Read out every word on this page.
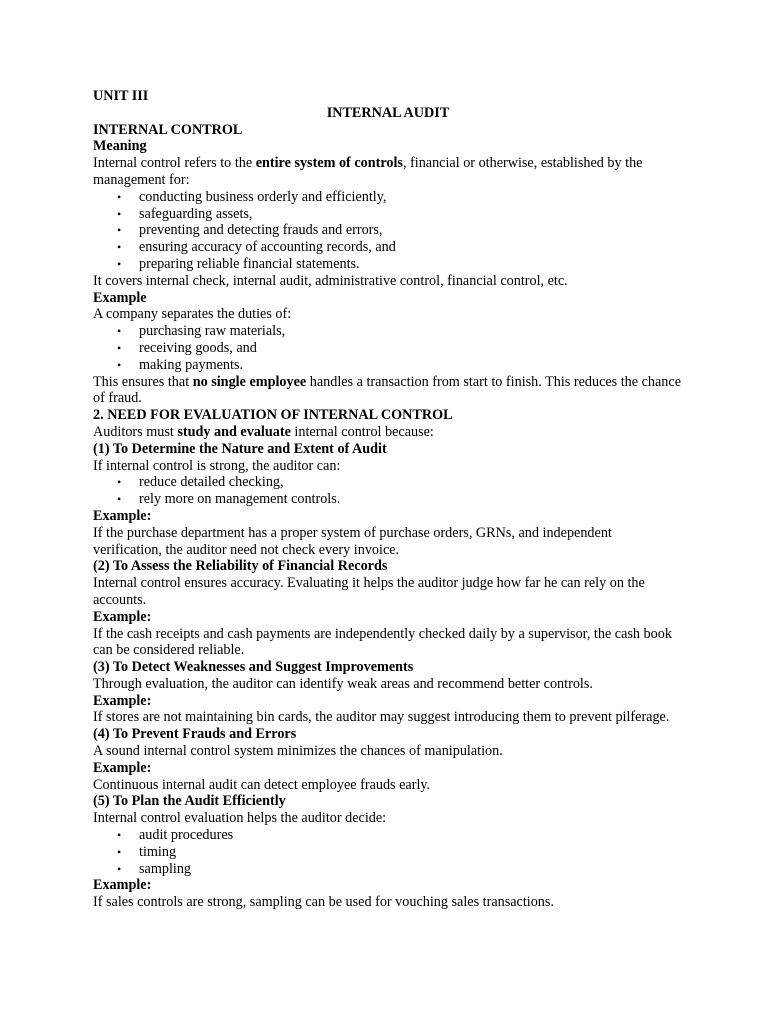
UNIT III

INTERNAL AUDIT

INTERNAL CONTROL

Meaning

Internal control refers to the entire system of controls, financial or otherwise, established by the management for:

• conducting business orderly and efficiently,
• safeguarding assets,
• preventing and detecting frauds and errors,
• ensuring accuracy of accounting records, and
• preparing reliable financial statements.

It covers internal check, internal audit, administrative control, financial control, etc.

Example

A company separates the duties of:

• purchasing raw materials,
• receiving goods, and
• making payments.

This ensures that no single employee handles a transaction from start to finish. This reduces the chance of fraud.

2. NEED FOR EVALUATION OF INTERNAL CONTROL

Auditors must study and evaluate internal control because:

(1) To Determine the Nature and Extent of Audit

If internal control is strong, the auditor can:

• reduce detailed checking,
• rely more on management controls.

Example:

If the purchase department has a proper system of purchase orders, GRNs, and independent verification, the auditor need not check every invoice.

(2) To Assess the Reliability of Financial Records

Internal control ensures accuracy. Evaluating it helps the auditor judge how far he can rely on the accounts.

Example:

If the cash receipts and cash payments are independently checked daily by a supervisor, the cash book can be considered reliable.

(3) To Detect Weaknesses and Suggest Improvements

Through evaluation, the auditor can identify weak areas and recommend better controls.

Example:

If stores are not maintaining bin cards, the auditor may suggest introducing them to prevent pilferage.

(4) To Prevent Frauds and Errors

A sound internal control system minimizes the chances of manipulation.

Example:

Continuous internal audit can detect employee frauds early.

(5) To Plan the Audit Efficiently

Internal control evaluation helps the auditor decide:

• audit procedures
• timing
• sampling

Example:

If sales controls are strong, sampling can be used for vouching sales transactions.
